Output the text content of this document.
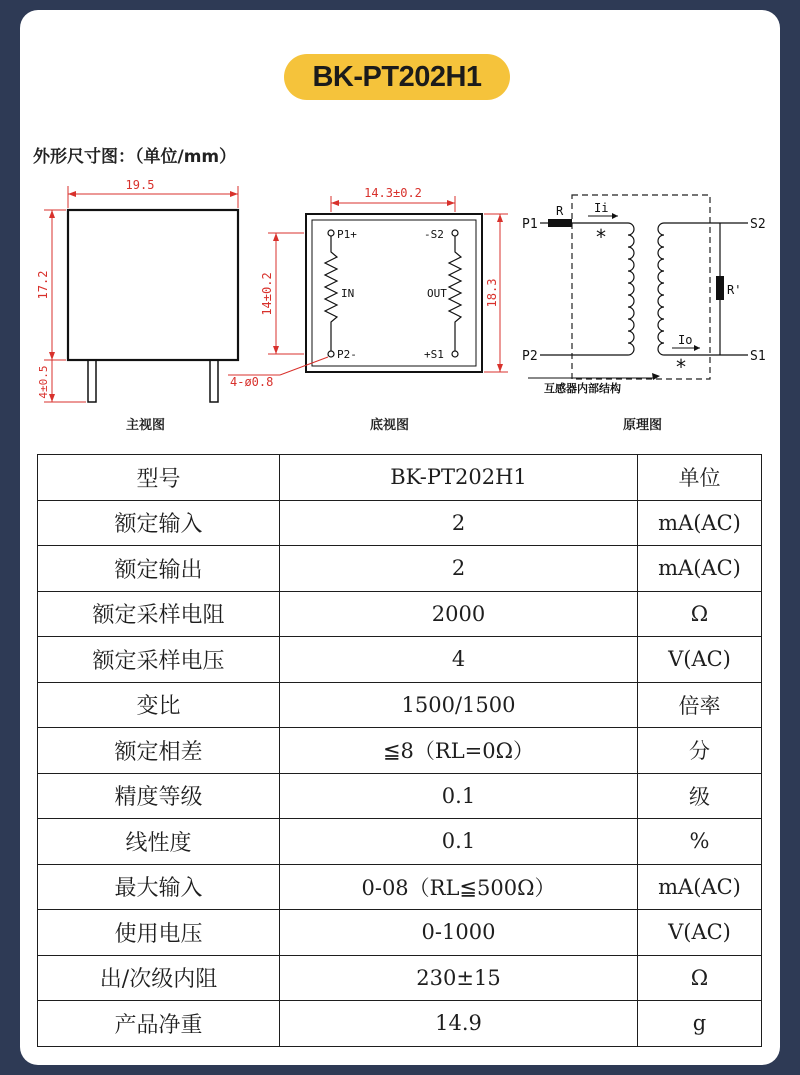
BK-PT202H1
外形尺寸图：（单位/mm）
19.5
17.2
4±0.5
14.3±0.2
14±0.2	18.3
4-ø0.8
P1+	-S2
P2-	+S1
IN	OUT
P1
P2
S2
S1
R
R'
Ii
Io
*
*
互感器内部结构
主视图	底视图	原理图
型号	BK-PT202H1	单位
额定输入	2	mA(AC)
额定输出	2	mA(AC)
额定采样电阻	2000	Ω
额定采样电压	4	V(AC)
变比	1500/1500	倍率
额定相差	≦8（RL=0Ω）	分
精度等级	0.1	级
线性度	0.1	%
最大输入	0-08（RL≦500Ω）	mA(AC)
使用电压	0-1000	V(AC)
出/次级内阻	230±15	Ω
产品净重	14.9	g
